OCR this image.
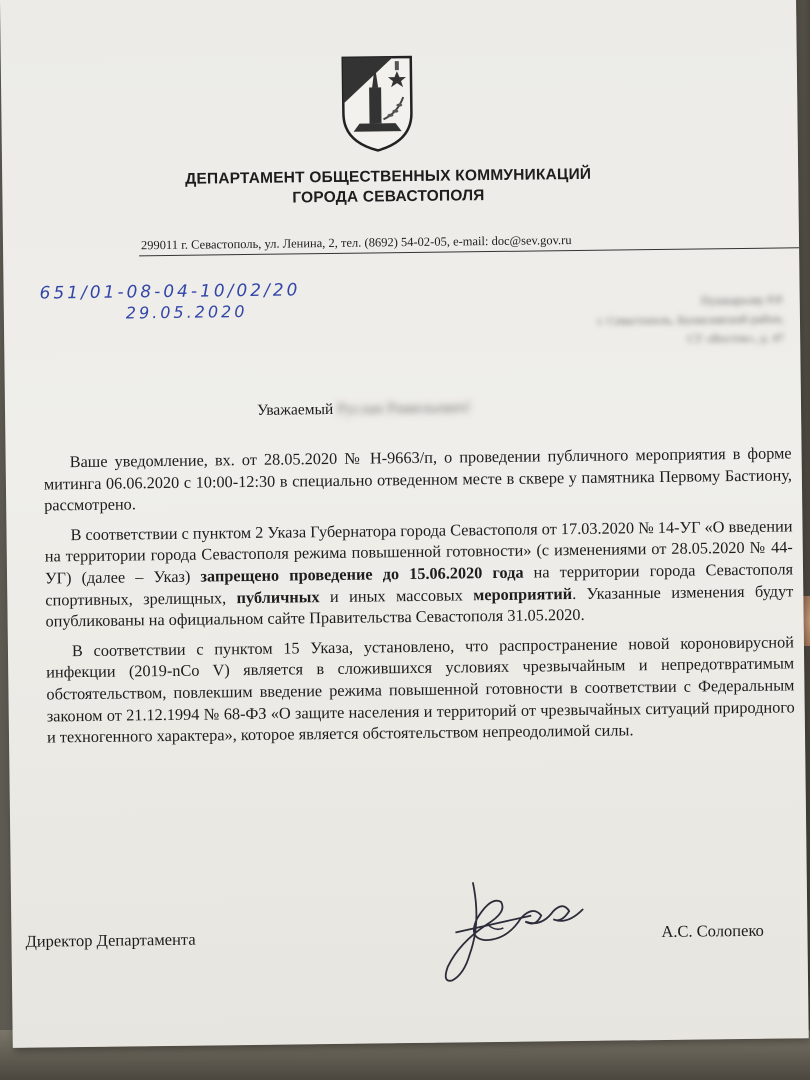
ДЕПАРТАМЕНТ ОБЩЕСТВЕННЫХ КОММУНИКАЦИЙ
ГОРОДА СЕВАСТОПОЛЯ
299011 г. Севастополь, ул. Ленина, 2, тел. (8692) 54-02-05, e-mail: doc@sev.gov.ru
651/01-08-04-10/02/20
29.05.2020
Пушкарьову Р.Р.
г. Севастополь, Балаклавский район,
СТ «Восток», д. 47
Уважаемый Руслан Рамильевич!

Ваше уведомление, вх. от 28.05.2020 № Н-9663/п, о проведении публичного мероприятия в форме митинга 06.06.2020 с 10:00-12:30 в специально отведенном месте в сквере у памятника Первому Бастиону, рассмотрено.

В соответствии с пунктом 2 Указа Губернатора города Севастополя от 17.03.2020 № 14-УГ «О введении на территории города Севастополя режима повышенной готовности» (с изменениями от 28.05.2020 № 44-УГ) (далее – Указ) запрещено проведение до 15.06.2020 года на территории города Севастополя спортивных, зрелищных, публичных и иных массовых мероприятий. Указанные изменения будут опубликованы на официальном сайте Правительства Севастополя 31.05.2020.

В соответствии с пунктом 15 Указа, установлено, что распространение новой короновирусной инфекции (2019-nCo V) является в сложившихся условиях чрезвычайным и непредотвратимым обстоятельством, повлекшим введение режима повышенной готовности в соответствии с Федеральным законом от 21.12.1994 № 68-ФЗ «О защите населения и территорий от чрезвычайных ситуаций природного и техногенного характера», которое является обстоятельством непреодолимой силы.

Директор Департамента	А.С. Солопеко
